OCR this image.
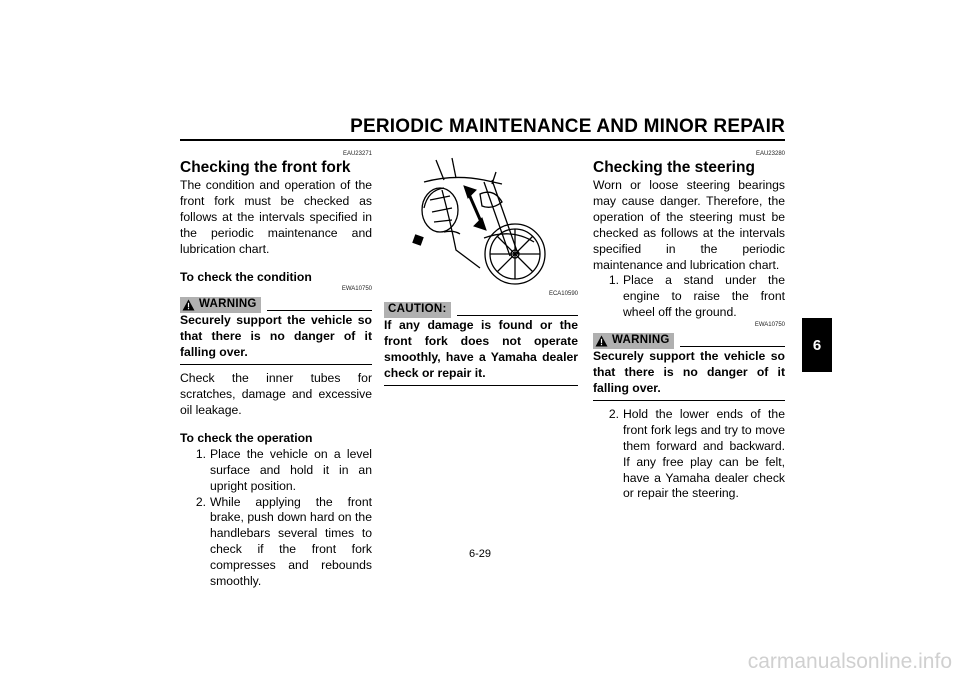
PERIODIC MAINTENANCE AND MINOR REPAIR
6
EAU23271
Checking the front fork

The condition and operation of the front fork must be checked as follows at the intervals specified in the periodic maintenance and lubrication chart.

To check the condition
EWA10750
WARNING

Securely support the vehicle so that there is no danger of it falling over.

Check the inner tubes for scratches, damage and excessive oil leakage.

To check the operation
1. Place the vehicle on a level surface and hold it in an upright position.
2. While applying the front brake, push down hard on the handlebars several times to check if the front fork compresses and rebounds smoothly.
ECA10590
CAUTION:

If any damage is found or the front fork does not operate smoothly, have a Yamaha dealer check or repair it.

EAU23280
Checking the steering

Worn or loose steering bearings may cause danger. Therefore, the operation of the steering must be checked as follows at the intervals specified in the periodic maintenance and lubrication chart.

1. Place a stand under the engine to raise the front wheel off the ground.
EWA10750
WARNING

Securely support the vehicle so that there is no danger of it falling over.

2. Hold the lower ends of the front fork legs and try to move them forward and backward. If any free play can be felt, have a Yamaha dealer check or repair the steering.
6-29
carmanualsonline.info
